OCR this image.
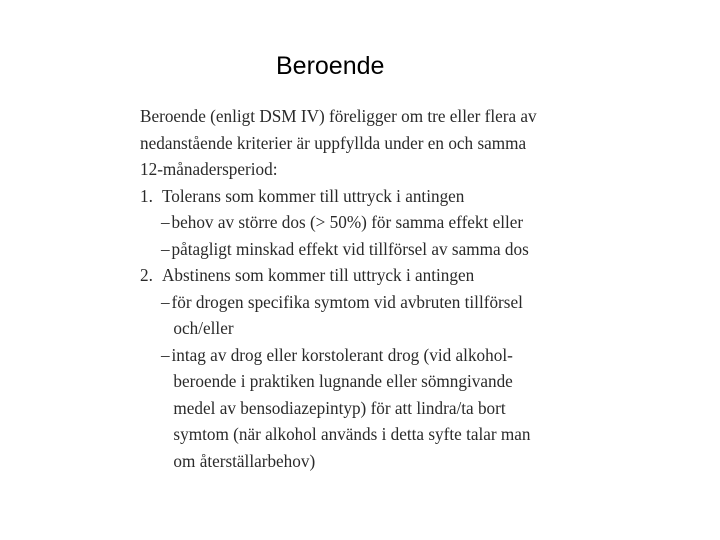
Beroende
Beroende (enligt DSM IV) föreligger om tre eller flera av
nedanstående kriterier är uppfyllda under en och samma
12-månadersperiod:
1. Tolerans som kommer till uttryck i antingen
– behov av större dos (> 50%) för samma effekt eller
– påtagligt minskad effekt vid tillförsel av samma dos
2. Abstinens som kommer till uttryck i antingen
– för drogen specifika symtom vid avbruten tillförsel
och/eller
– intag av drog eller korstolerant drog (vid alkohol-
beroende i praktiken lugnande eller sömngivande
medel av bensodiazepintyp) för att lindra/ta bort
symtom (när alkohol används i detta syfte talar man
om återställarbehov)
